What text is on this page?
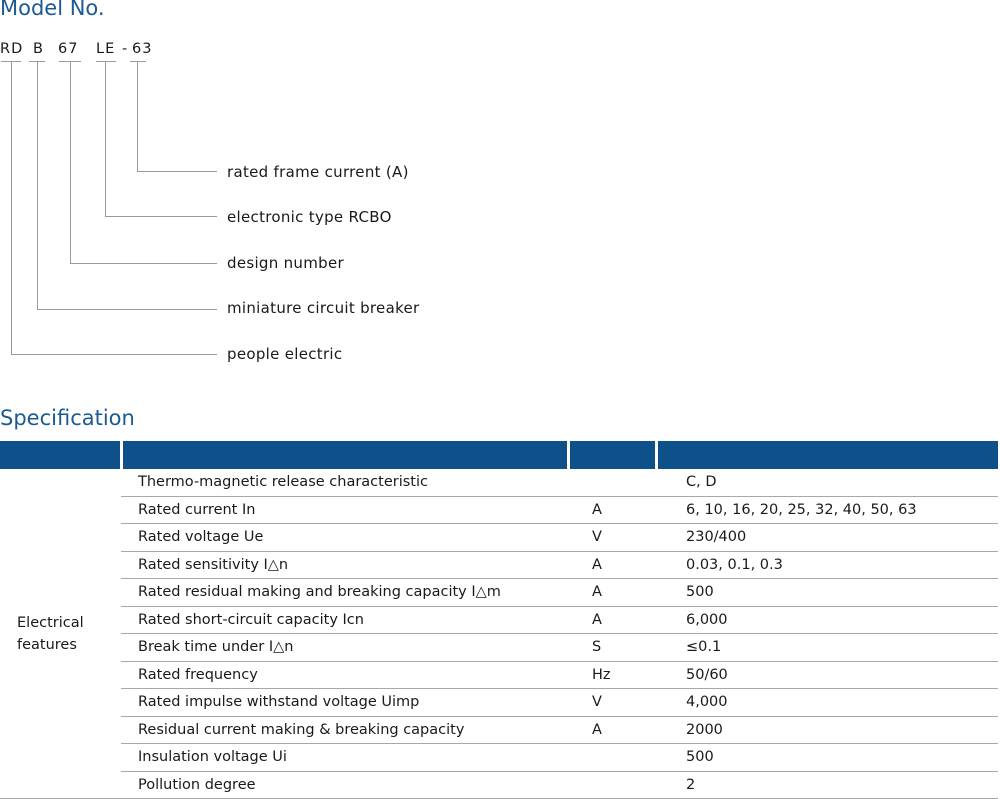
Model No.
RD B 67 LE - 63
rated frame current (A)
electronic type RCBO
design number
miniature circuit breaker
people electric
Specification

Electrical
features	Thermo-magnetic release characteristic		C, D
	Rated current In	A	6, 10, 16, 20, 25, 32, 40, 50, 63
	Rated voltage Ue	V	230/400
	Rated sensitivity I△n	A	0.03, 0.1, 0.3
	Rated residual making and breaking capacity I△m	A	500
	Rated short-circuit capacity Icn	A	6,000
	Break time under I△n	S	≤0.1
	Rated frequency	Hz	50/60
	Rated impulse withstand voltage Uimp	V	4,000
	Residual current making & breaking capacity	A	2000
	Insulation voltage Ui		500
	Pollution degree		2
